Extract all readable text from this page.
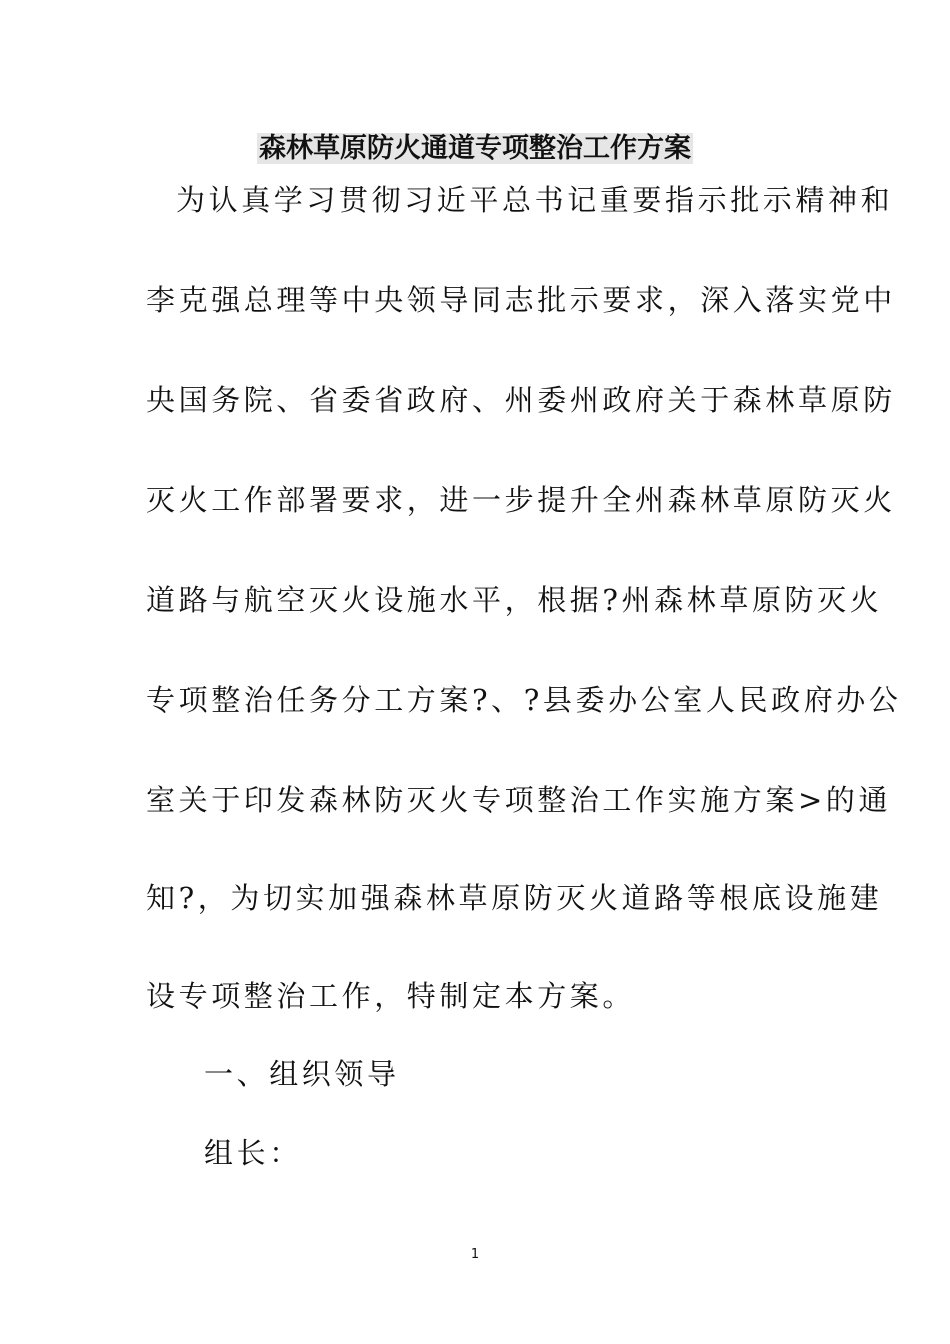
森林草原防火通道专项整治工作方案
为认真学习贯彻习近平总书记重要指示批示精神和
李克强总理等中央领导同志批示要求，深入落实党中
央国务院、省委省政府、州委州政府关于森林草原防
灭火工作部署要求，进一步提升全州森林草原防灭火
道路与航空灭火设施水平，根据?州森林草原防灭火
专项整治任务分工方案?、?县委办公室人民政府办公
室关于印发森林防灭火专项整治工作实施方案>的通
知?，为切实加强森林草原防灭火道路等根底设施建
设专项整治工作，特制定本方案。
一、组织领导
组长：
1
